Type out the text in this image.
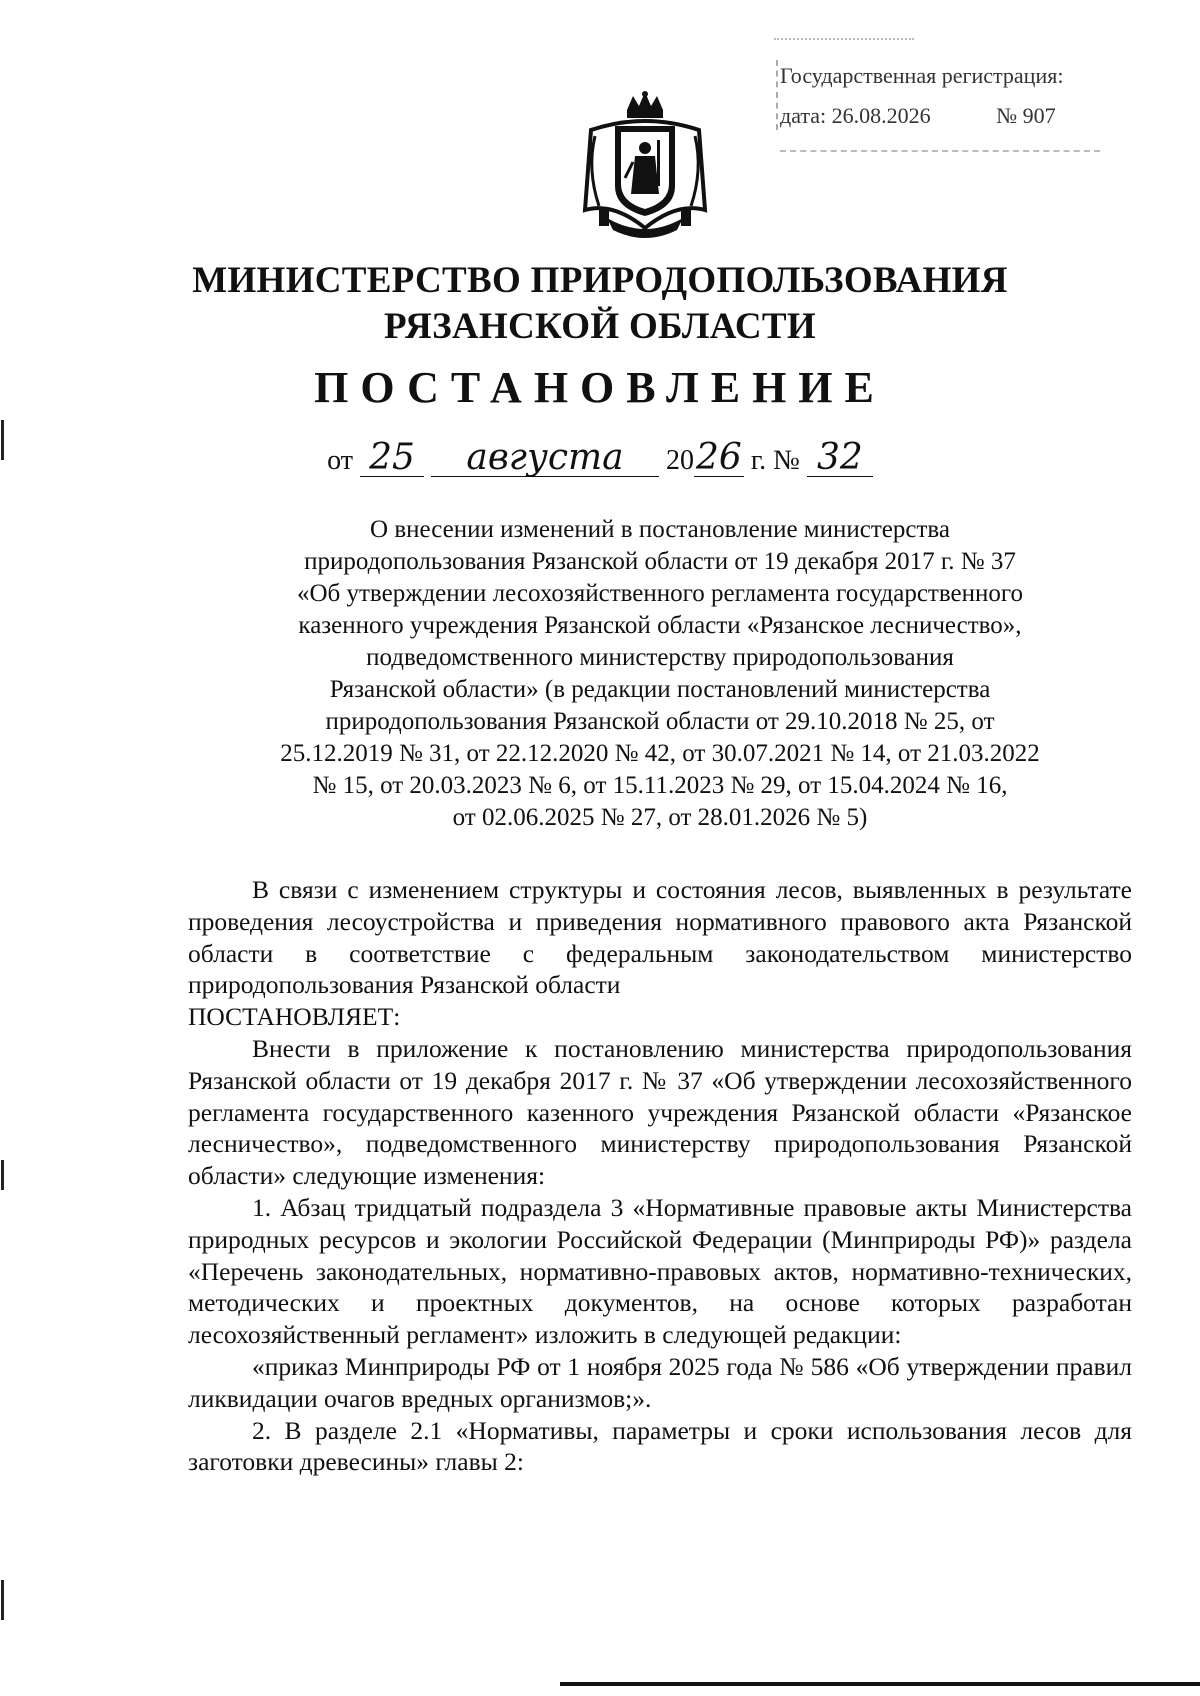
Государственная регистрация:
дата: 26.08.2026	№ 907
МИНИСТЕРСТВО ПРИРОДОПОЛЬЗОВАНИЯ
РЯЗАНСКОЙ ОБЛАСТИ
ПОСТАНОВЛЕНИЕ
от 25 августа 2026 г. № 32
О внесении изменений в постановление министерства
природопользования Рязанской области от 19 декабря 2017 г. № 37
«Об утверждении лесохозяйственного регламента государственного
казенного учреждения Рязанской области «Рязанское лесничество»,
подведомственного министерству природопользования
Рязанской области» (в редакции постановлений министерства
природопользования Рязанской области от 29.10.2018 № 25, от
25.12.2019 № 31, от 22.12.2020 № 42, от 30.07.2021 № 14, от 21.03.2022
№ 15, от 20.03.2023 № 6, от 15.11.2023 № 29, от 15.04.2024 № 16,
от 02.06.2025 № 27, от 28.01.2026 № 5)

В связи с изменением структуры и состояния лесов, выявленных в результате проведения лесоустройства и приведения нормативного правового акта Рязанской области в соответствие с федеральным законодательством министерство природопользования Рязанской области

ПОСТАНОВЛЯЕТ:

Внести в приложение к постановлению министерства природопользования Рязанской области от 19 декабря 2017 г. № 37 «Об утверждении лесохозяйственного регламента государственного казенного учреждения Рязанской области «Рязанское лесничество», подведомственного министерству природопользования Рязанской области» следующие изменения:

1. Абзац тридцатый подраздела 3 «Нормативные правовые акты Министерства природных ресурсов и экологии Российской Федерации (Минприроды РФ)» раздела «Перечень законодательных, нормативно-правовых актов, нормативно-технических, методических и проектных документов, на основе которых разработан лесохозяйственный регламент» изложить в следующей редакции:

«приказ Минприроды РФ от 1 ноября 2025 года № 586 «Об утверждении правил ликвидации очагов вредных организмов;».

2. В разделе 2.1 «Нормативы, параметры и сроки использования лесов для заготовки древесины» главы 2:
